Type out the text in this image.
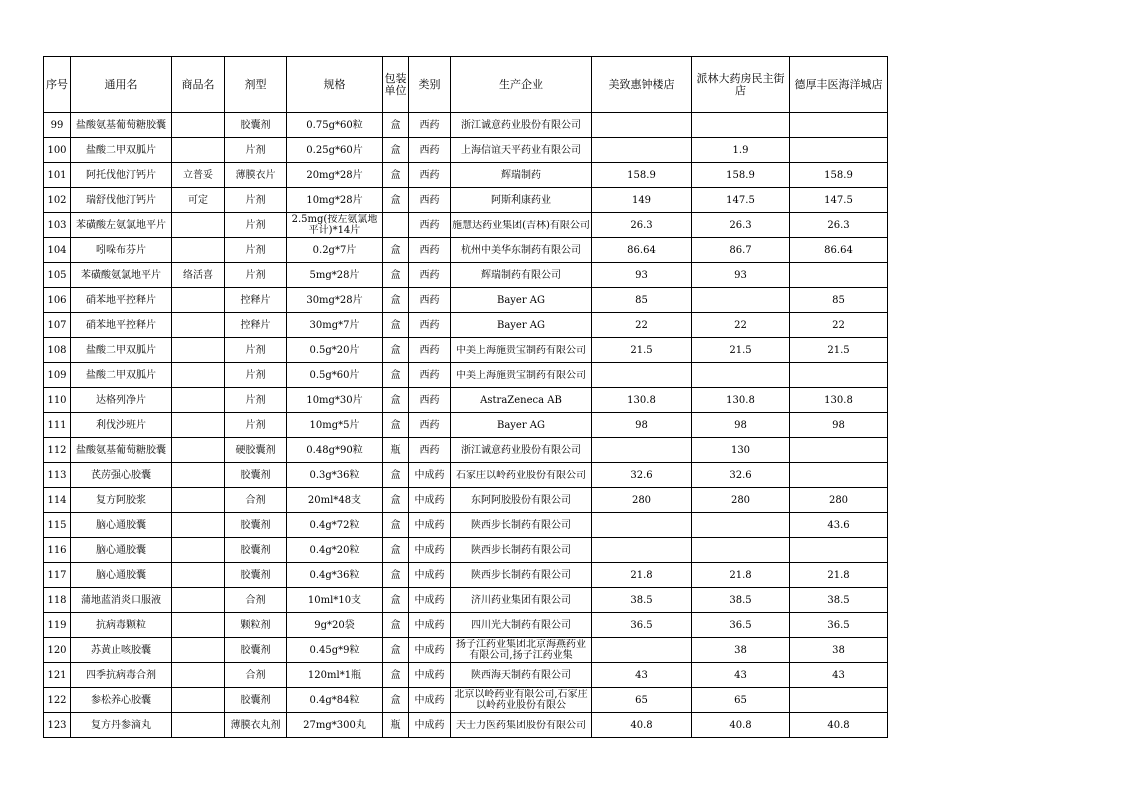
序号	通用名	商品名	剂型	规格	包装单位	类别	生产企业	美致惠钟楼店	派林大药房民主街店	德厚丰医海洋城店
99	盐酸氨基葡萄糖胶囊		胶囊剂	0.75g*60粒	盒	西药	浙江诚意药业股份有限公司			
100	盐酸二甲双胍片		片剂	0.25g*60片	盒	西药	上海信谊天平药业有限公司		1.9	
101	阿托伐他汀钙片	立普妥	薄膜衣片	20mg*28片	盒	西药	辉瑞制药	158.9	158.9	158.9
102	瑞舒伐他汀钙片	可定	片剂	10mg*28片	盒	西药	阿斯利康药业	149	147.5	147.5
103	苯磺酸左氨氯地平片		片剂	2.5mg(按左氨氯地平计)*14片		西药	施慧达药业集团(吉林)有限公司	26.3	26.3	26.3
104	吲哚布芬片		片剂	0.2g*7片	盒	西药	杭州中美华东制药有限公司	86.64	86.7	86.64
105	苯磺酸氨氯地平片	络活喜	片剂	5mg*28片	盒	西药	辉瑞制药有限公司	93	93	
106	硝苯地平控释片		控释片	30mg*28片	盒	西药	Bayer AG	85		85
107	硝苯地平控释片		控释片	30mg*7片	盒	西药	Bayer AG	22	22	22
108	盐酸二甲双胍片		片剂	0.5g*20片	盒	西药	中美上海施贵宝制药有限公司	21.5	21.5	21.5
109	盐酸二甲双胍片		片剂	0.5g*60片	盒	西药	中美上海施贵宝制药有限公司			

110	达格列净片		片剂	10mg*30片	盒	西药	AstraZeneca AB	130.8	130.8	130.8
111	利伐沙班片		片剂	10mg*5片	盒	西药	Bayer AG	98	98	98
112	盐酸氨基葡萄糖胶囊		硬胶囊剂	0.48g*90粒	瓶	西药	浙江诚意药业股份有限公司		130	
113	芪苈强心胶囊		胶囊剂	0.3g*36粒	盒	中成药	石家庄以岭药业股份有限公司	32.6	32.6	
114	复方阿胶浆		合剂	20ml*48支	盒	中成药	东阿阿胶股份有限公司	280	280	280
115	脑心通胶囊		胶囊剂	0.4g*72粒	盒	中成药	陕西步长制药有限公司			43.6
116	脑心通胶囊		胶囊剂	0.4g*20粒	盒	中成药	陕西步长制药有限公司			
117	脑心通胶囊		胶囊剂	0.4g*36粒	盒	中成药	陕西步长制药有限公司	21.8	21.8	21.8
118	蒲地蓝消炎口服液		合剂	10ml*10支	盒	中成药	济川药业集团有限公司	38.5	38.5	38.5
119	抗病毒颗粒		颗粒剂	9g*20袋	盒	中成药	四川光大制药有限公司	36.5	36.5	36.5
120	苏黄止咳胶囊		胶囊剂	0.45g*9粒	盒	中成药	扬子江药业集团北京海燕药业有限公司,扬子江药业集		38	38
121	四季抗病毒合剂		合剂	120ml*1瓶	盒	中成药	陕西海天制药有限公司	43	43	43
122	参松养心胶囊		胶囊剂	0.4g*84粒	盒	中成药	北京以岭药业有限公司,石家庄以岭药业股份有限公	65	65	
123	复方丹参滴丸		薄膜衣丸剂	27mg*300丸	瓶	中成药	天士力医药集团股份有限公司	40.8	40.8	40.8
